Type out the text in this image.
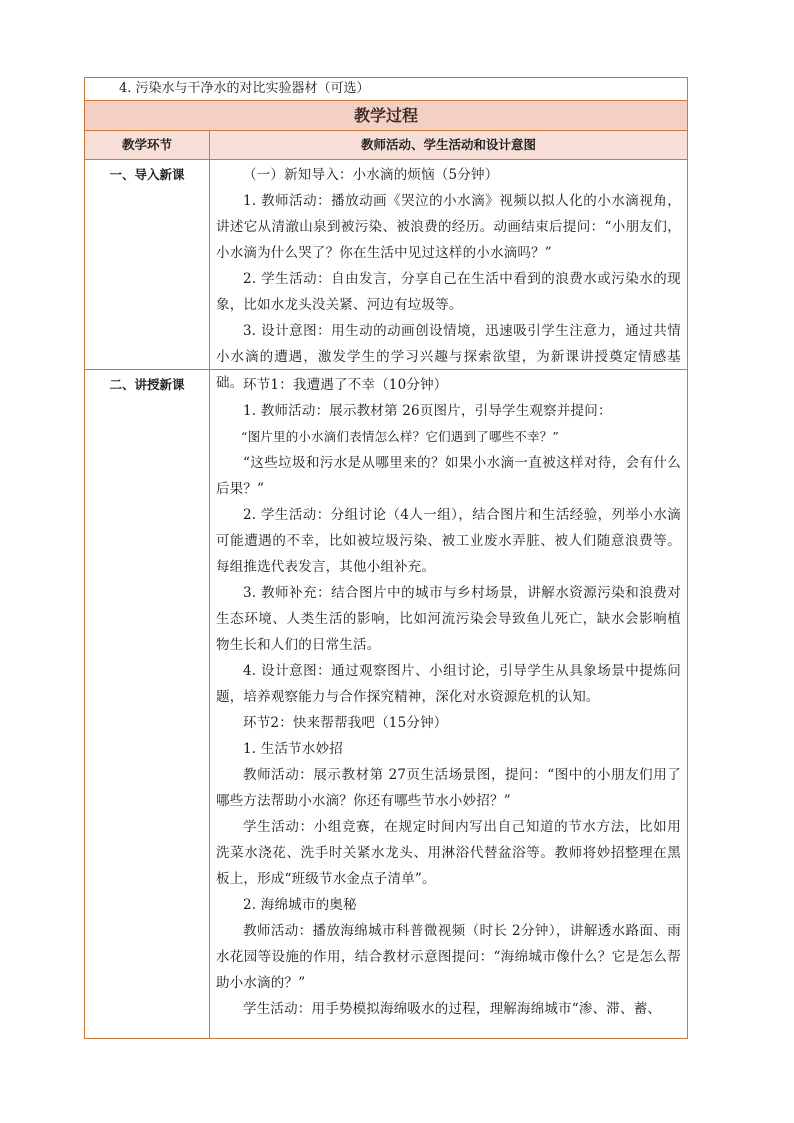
4. 污染水与干净水的对比实验器材（可选）
教学过程
教学环节	教师活动、学生活动和设计意图
一、导入新课	（一）新知导入：小水滴的烦恼（5分钟）

1. 教师活动：播放动画《哭泣的小水滴》视频以拟人化的小水滴视角，讲述它从清澈山泉到被污染、被浪费的经历。动画结束后提问：“小朋友们，小水滴为什么哭了？你在生活中见过这样的小水滴吗？”

2. 学生活动：自由发言，分享自己在生活中看到的浪费水或污染水的现象，比如水龙头没关紧、河边有垃圾等。

3. 设计意图：用生动的动画创设情境，迅速吸引学生注意力，通过共情小水滴的遭遇，激发学生的学习兴趣与探索欲望，为新课讲授奠定情感基础。

二、讲授新课	环节1：我遭遇了不幸（10分钟）

1. 教师活动：展示教材第 26页图片，引导学生观察并提问：

“图片里的小水滴们表情怎么样？它们遇到了哪些不幸？”

“这些垃圾和污水是从哪里来的？如果小水滴一直被这样对待，会有什么后果？”

2. 学生活动：分组讨论（4人一组），结合图片和生活经验，列举小水滴可能遭遇的不幸，比如被垃圾污染、被工业废水弄脏、被人们随意浪费等。每组推选代表发言，其他小组补充。

3. 教师补充：结合图片中的城市与乡村场景，讲解水资源污染和浪费对生态环境、人类生活的影响，比如河流污染会导致鱼儿死亡，缺水会影响植物生长和人们的日常生活。

4. 设计意图：通过观察图片、小组讨论，引导学生从具象场景中提炼问题，培养观察能力与合作探究精神，深化对水资源危机的认知。

环节2：快来帮帮我吧（15分钟）

1. 生活节水妙招

教师活动：展示教材第 27页生活场景图，提问：“图中的小朋友们用了哪些方法帮助小水滴？你还有哪些节水小妙招？”

学生活动：小组竞赛，在规定时间内写出自己知道的节水方法，比如用洗菜水浇花、洗手时关紧水龙头、用淋浴代替盆浴等。教师将妙招整理在黑板上，形成“班级节水金点子清单”。

2. 海绵城市的奥秘

教师活动：播放海绵城市科普微视频（时长 2分钟），讲解透水路面、雨水花园等设施的作用，结合教材示意图提问：“海绵城市像什么？它是怎么帮助小水滴的？”

学生活动：用手势模拟海绵吸水的过程，理解海绵城市“渗、滞、蓄、
